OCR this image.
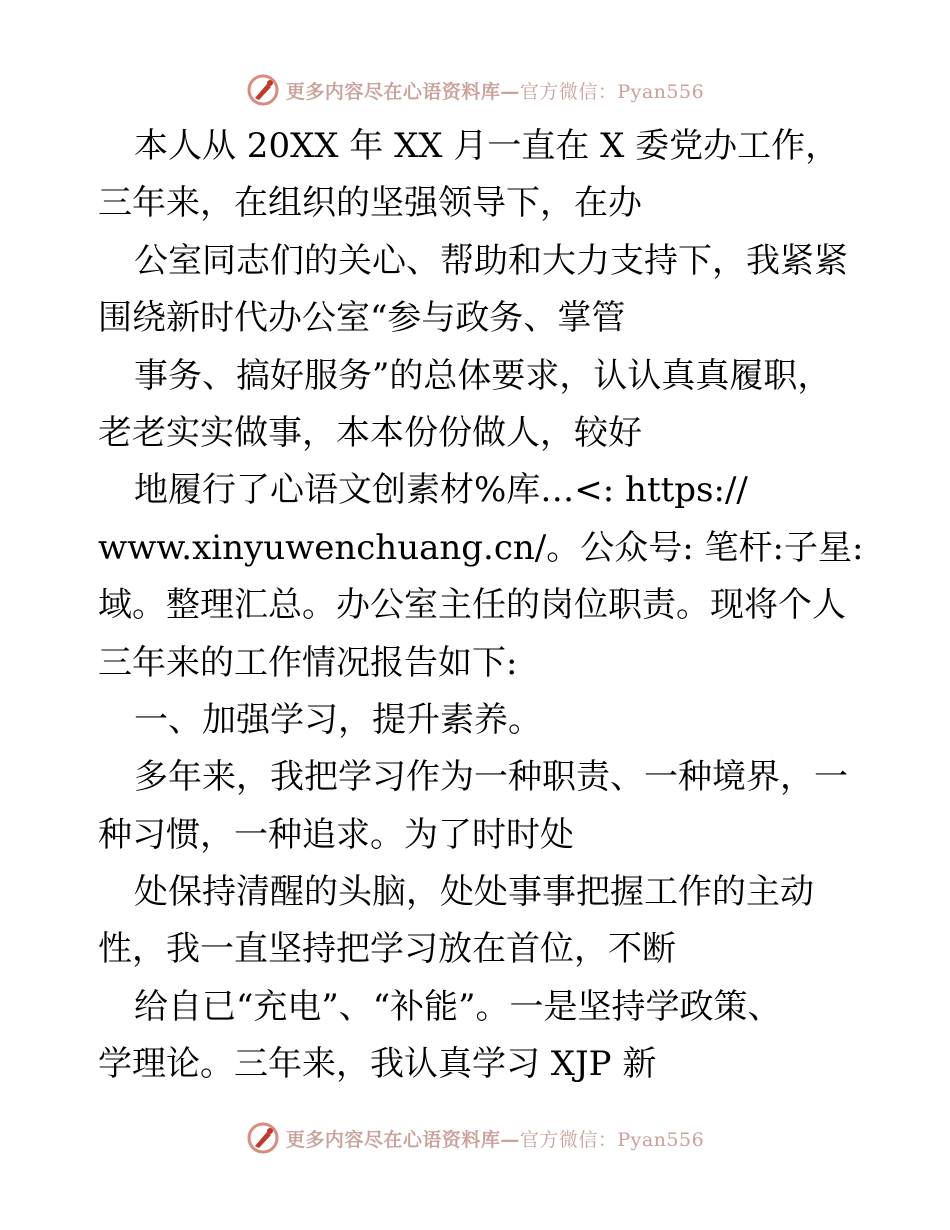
更多内容尽在心语资料库—官方微信：Pyan556
本人从 20XX 年 XX 月一直在 X 委党办工作，
三年来，在组织的坚强领导下，在办
公室同志们的关心、帮助和大力支持下，我紧紧
围绕新时代办公室“参与政务、掌管
事务、搞好服务”的总体要求，认认真真履职，
老老实实做事，本本份份做人，较好
地履行了心语文创素材%库…<: https://
www.xinyuwenchuang.cn/。公众号: 笔杆:子星:
域。整理汇总。办公室主任的岗位职责。现将个人
三年来的工作情况报告如下:
一、加强学习，提升素养。
多年来，我把学习作为一种职责、一种境界，一
种习惯，一种追求。为了时时处
处保持清醒的头脑，处处事事把握工作的主动
性，我一直坚持把学习放在首位，不断
给自已“充电”、“补能”。一是坚持学政策、
学理论。三年来，我认真学习 XJP 新
更多内容尽在心语资料库—官方微信：Pyan556
